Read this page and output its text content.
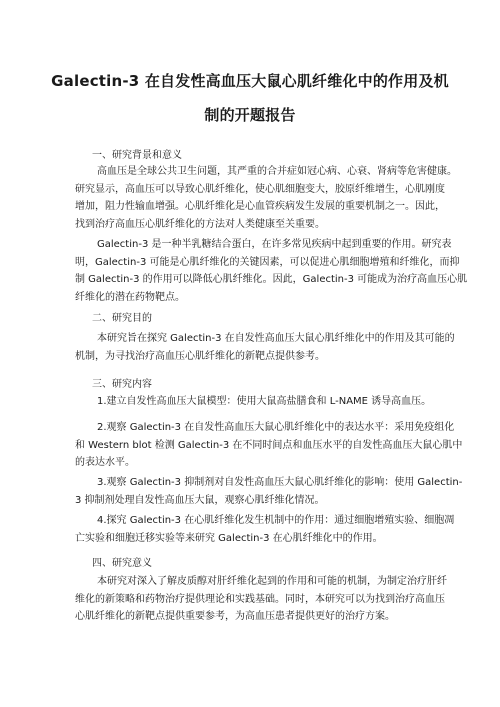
Galectin-3 在自发性高血压大鼠心肌纤维化中的作用及机
制的开题报告
一、研究背景和意义
高血压是全球公共卫生问题，其严重的合并症如冠心病、心衰、肾病等危害健康。
研究显示，高血压可以导致心肌纤维化，使心肌细胞变大，胶原纤维增生，心肌刚度
增加，阻力性输血增强。心肌纤维化是心血管疾病发生发展的重要机制之一。因此，
找到治疗高血压心肌纤维化的方法对人类健康至关重要。
Galectin-3 是一种半乳糖结合蛋白，在许多常见疾病中起到重要的作用。研究表
明，Galectin-3 可能是心肌纤维化的关键因素，可以促进心肌细胞增殖和纤维化，而抑
制 Galectin-3 的作用可以降低心肌纤维化。因此，Galectin-3 可能成为治疗高血压心肌
纤维化的潜在药物靶点。
二、研究目的
本研究旨在探究 Galectin-3 在自发性高血压大鼠心肌纤维化中的作用及其可能的
机制，为寻找治疗高血压心肌纤维化的新靶点提供参考。
三、研究内容
1.建立自发性高血压大鼠模型：使用大鼠高盐膳食和 L-NAME 诱导高血压。
2.观察 Galectin-3 在自发性高血压大鼠心肌纤维化中的表达水平：采用免疫组化
和 Western blot 检测 Galectin-3 在不同时间点和血压水平的自发性高血压大鼠心肌中
的表达水平。
3.观察 Galectin-3 抑制剂对自发性高血压大鼠心肌纤维化的影响：使用 Galectin-
3 抑制剂处理自发性高血压大鼠，观察心肌纤维化情况。
4.探究 Galectin-3 在心肌纤维化发生机制中的作用：通过细胞增殖实验、细胞凋
亡实验和细胞迁移实验等来研究 Galectin-3 在心肌纤维化中的作用。
四、研究意义
本研究对深入了解皮质醇对肝纤维化起到的作用和可能的机制，为制定治疗肝纤
维化的新策略和药物治疗提供理论和实践基础。同时，本研究可以为找到治疗高血压
心肌纤维化的新靶点提供重要参考，为高血压患者提供更好的治疗方案。
